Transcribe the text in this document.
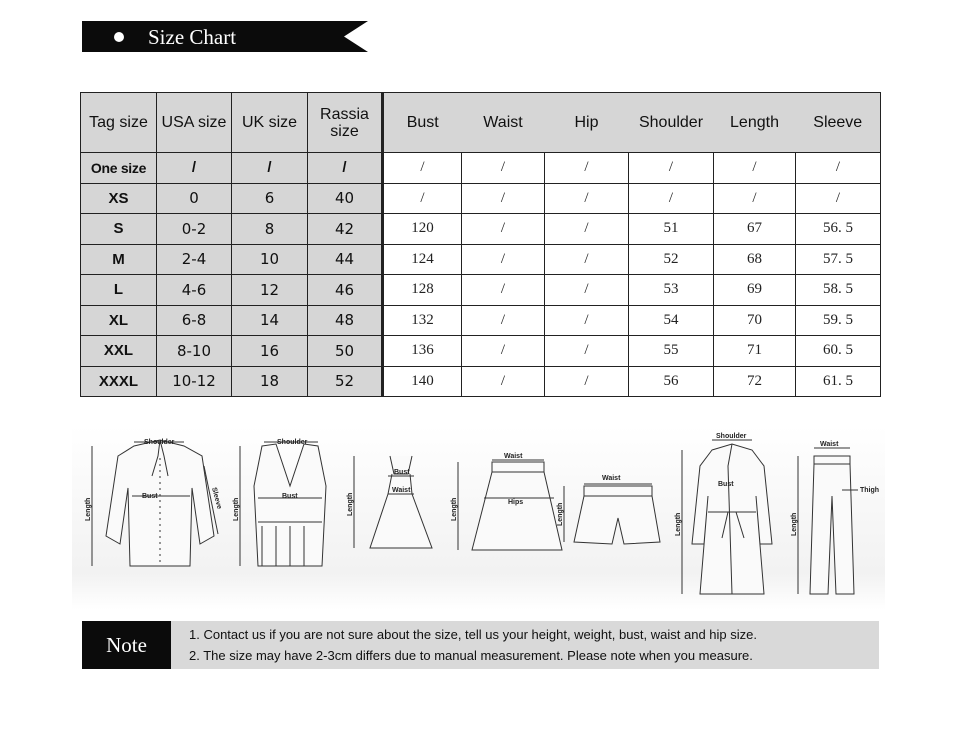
Size Chart
Tag size	USA size	UK size	Rassia size	Bust	Waist	Hip	Shoulder	Length	Sleeve
One size	/	/	/	/	/	/	/	/	/
XS	0	6	40	/	/	/	/	/	/
S	0-2	8	42	120	/	/	51	67	56. 5
M	2-4	10	44	124	/	/	52	68	57. 5
L	4-6	12	46	128	/	/	53	69	58. 5
XL	6-8	14	48	132	/	/	54	70	59. 5
XXL	8-10	16	50	136	/	/	55	71	60. 5
XXXL	10-12	18	52	140	/	/	56	72	61. 5
Shoulder
Bust
Shoulder
Bust
Bust
Waist
Waist
Hips
Waist
Shoulder
Bust
Waist
Thigh
Length	Length	Length	Length	Length	Length	Length
Sleeve
Note	1. Contact us if you are not sure about the size, tell us your height, weight, bust, waist and hip size.
2. The size may have 2-3cm differs due to manual measurement. Please note when you measure.
